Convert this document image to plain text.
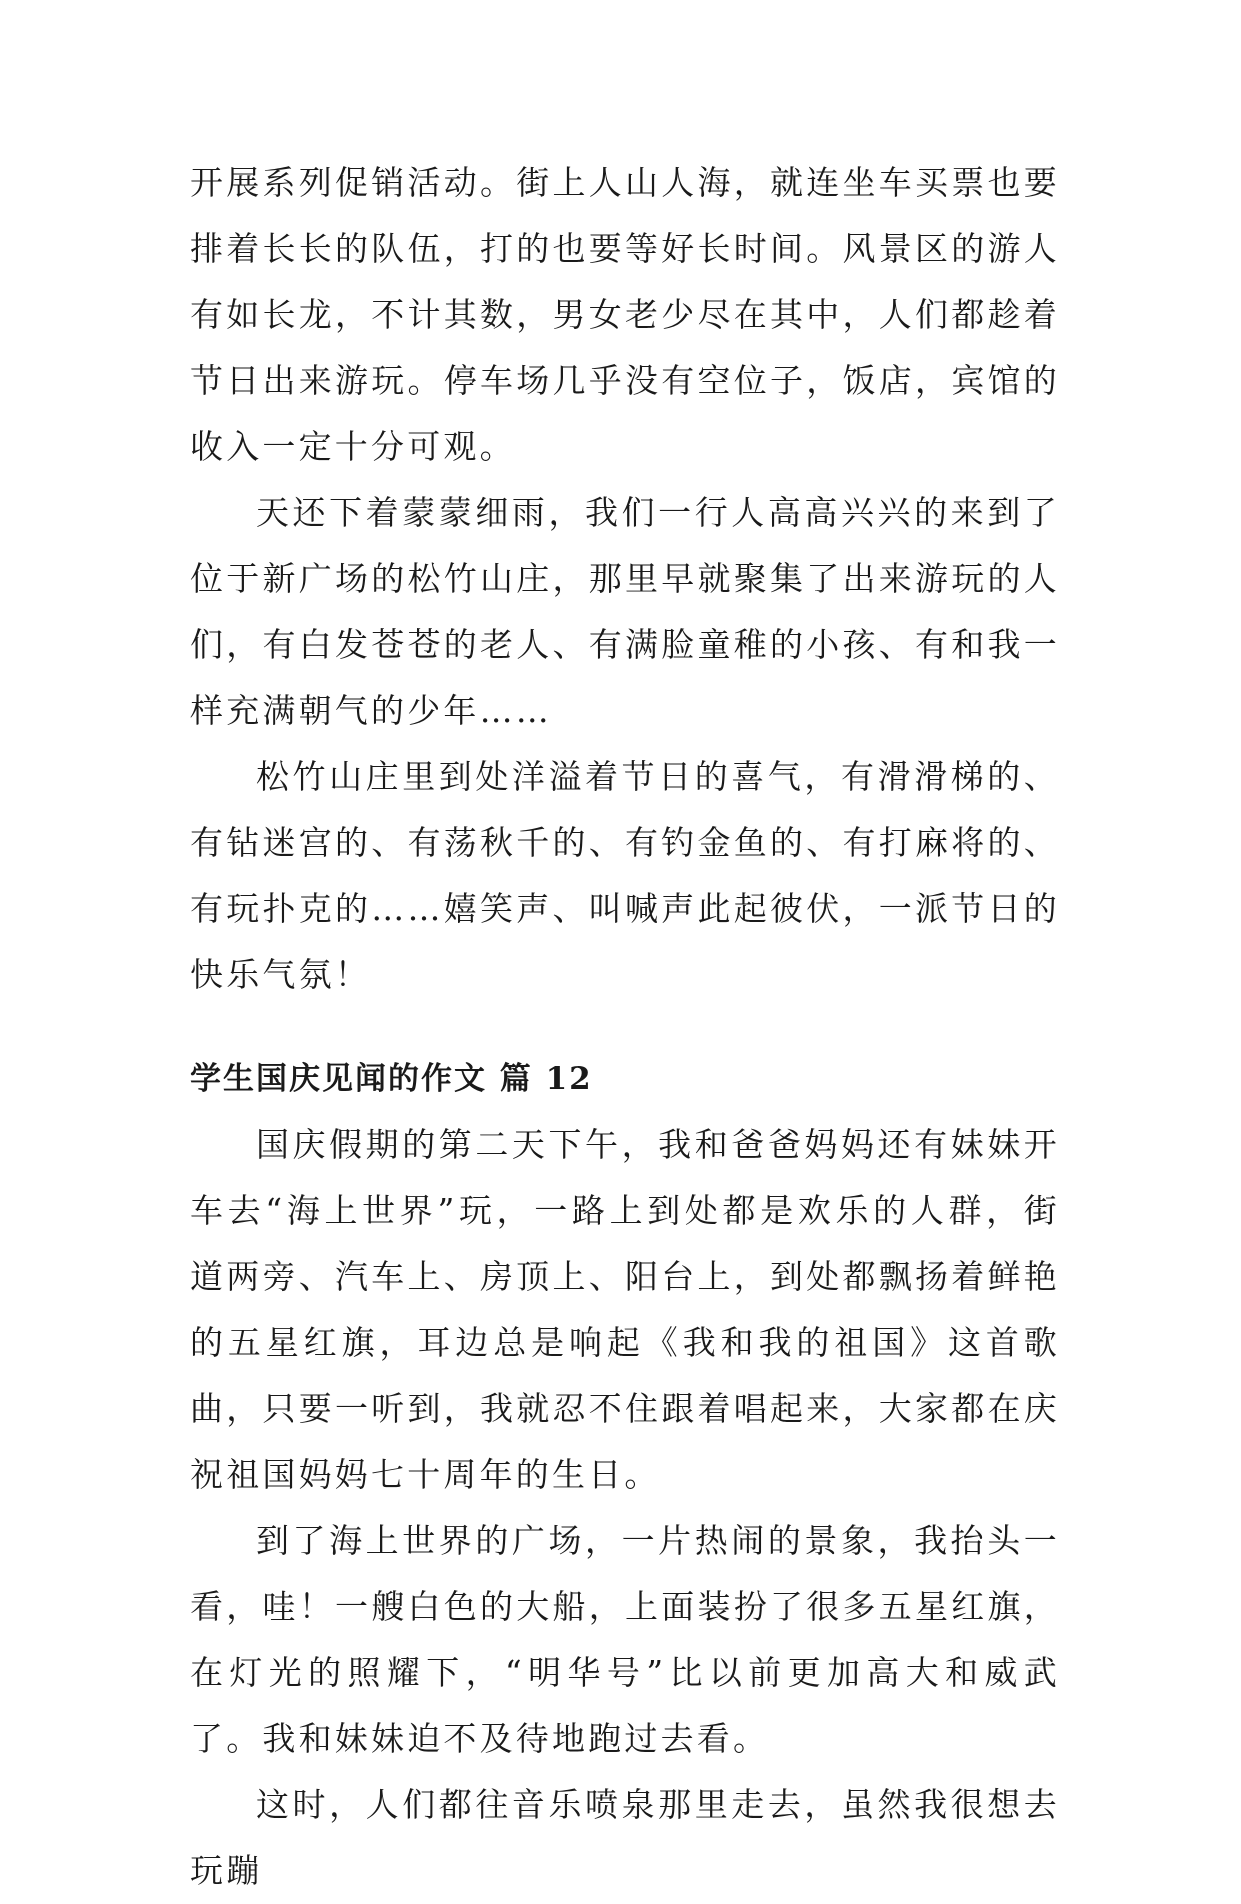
开展系列促销活动。街上人山人海，就连坐车买票也要排着长长的队伍，打的也要等好长时间。风景区的游人有如长龙，不计其数，男女老少尽在其中，人们都趁着节日出来游玩。停车场几乎没有空位子，饭店，宾馆的收入一定十分可观。

天还下着蒙蒙细雨，我们一行人高高兴兴的来到了位于新广场的松竹山庄，那里早就聚集了出来游玩的人们，有白发苍苍的老人、有满脸童稚的小孩、有和我一样充满朝气的少年……

松竹山庄里到处洋溢着节日的喜气，有滑滑梯的、有钻迷宫的、有荡秋千的、有钓金鱼的、有打麻将的、有玩扑克的……嬉笑声、叫喊声此起彼伏，一派节日的快乐气氛！

学生国庆见闻的作文 篇 12

国庆假期的第二天下午，我和爸爸妈妈还有妹妹开车去“海上世界”玩，一路上到处都是欢乐的人群，街道两旁、汽车上、房顶上、阳台上，到处都飘扬着鲜艳的五星红旗，耳边总是响起《我和我的祖国》这首歌曲，只要一听到，我就忍不住跟着唱起来，大家都在庆祝祖国妈妈七十周年的生日。

到了海上世界的广场，一片热闹的景象，我抬头一看，哇！一艘白色的大船，上面装扮了很多五星红旗，在灯光的照耀下，“明华号”比以前更加高大和威武了。我和妹妹迫不及待地跑过去看。

这时，人们都往音乐喷泉那里走去，虽然我很想去玩蹦
